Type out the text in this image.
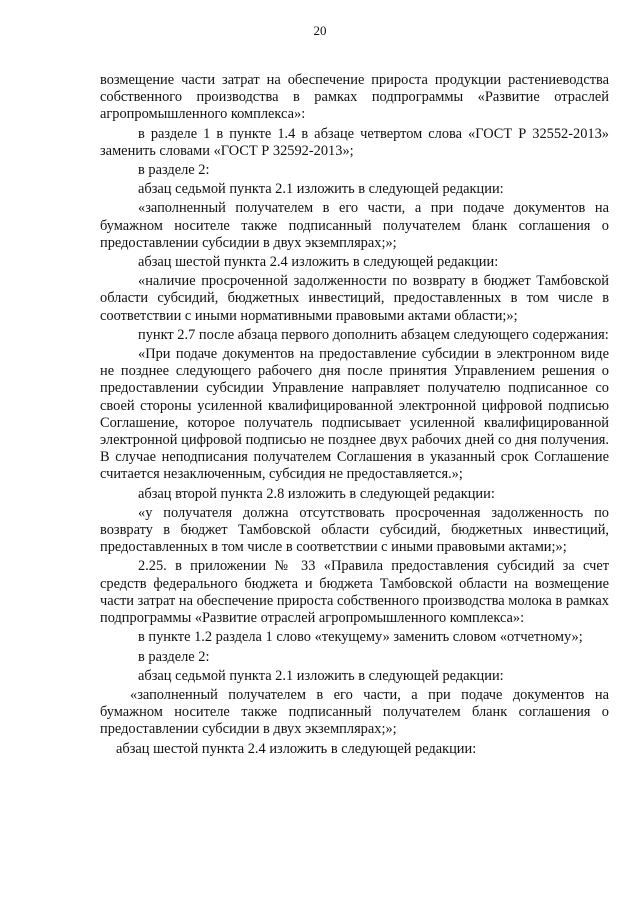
20

возмещение части затрат на обеспечение прироста продукции растениеводства собственного производства в рамках подпрограммы «Развитие отраслей агропромышленного комплекса»:

в разделе 1 в пункте 1.4 в абзаце четвертом слова «ГОСТ Р 32552-2013» заменить словами «ГОСТ Р 32592-2013»;

в разделе 2:

абзац седьмой пункта 2.1 изложить в следующей редакции:

«заполненный получателем в его части, а при подаче документов на бумажном носителе также подписанный получателем бланк соглашения о предоставлении субсидии в двух экземплярах;»;

абзац шестой пункта 2.4 изложить в следующей редакции:

«наличие просроченной задолженности по возврату в бюджет Тамбовской области субсидий, бюджетных инвестиций, предоставленных в том числе в соответствии с иными нормативными правовыми актами области;»;

пункт 2.7 после абзаца первого дополнить абзацем следующего содержания:

«При подаче документов на предоставление субсидии в электронном виде не позднее следующего рабочего дня после принятия Управлением решения о предоставлении субсидии Управление направляет получателю подписанное со своей стороны усиленной квалифицированной электронной цифровой подписью Соглашение, которое получатель подписывает усиленной квалифицированной электронной цифровой подписью не позднее двух рабочих дней со дня получения. В случае неподписания получателем Соглашения в указанный срок Соглашение считается незаключенным, субсидия не предоставляется.»;

абзац второй пункта 2.8 изложить в следующей редакции:

«у получателя должна отсутствовать просроченная задолженность по возврату в бюджет Тамбовской области субсидий, бюджетных инвестиций, предоставленных в том числе в соответствии с иными правовыми актами;»;

2.25. в приложении № 33 «Правила предоставления субсидий за счет средств федерального бюджета и бюджета Тамбовской области на возмещение части затрат на обеспечение прироста собственного производства молока в рамках подпрограммы «Развитие отраслей агропромышленного комплекса»:

в пункте 1.2 раздела 1 слово «текущему» заменить словом «отчетному»;

в разделе 2:

абзац седьмой пункта 2.1 изложить в следующей редакции:

«заполненный получателем в его части, а при подаче документов на бумажном носителе также подписанный получателем бланк соглашения о предоставлении субсидии в двух экземплярах;»;

абзац шестой пункта 2.4 изложить в следующей редакции:
